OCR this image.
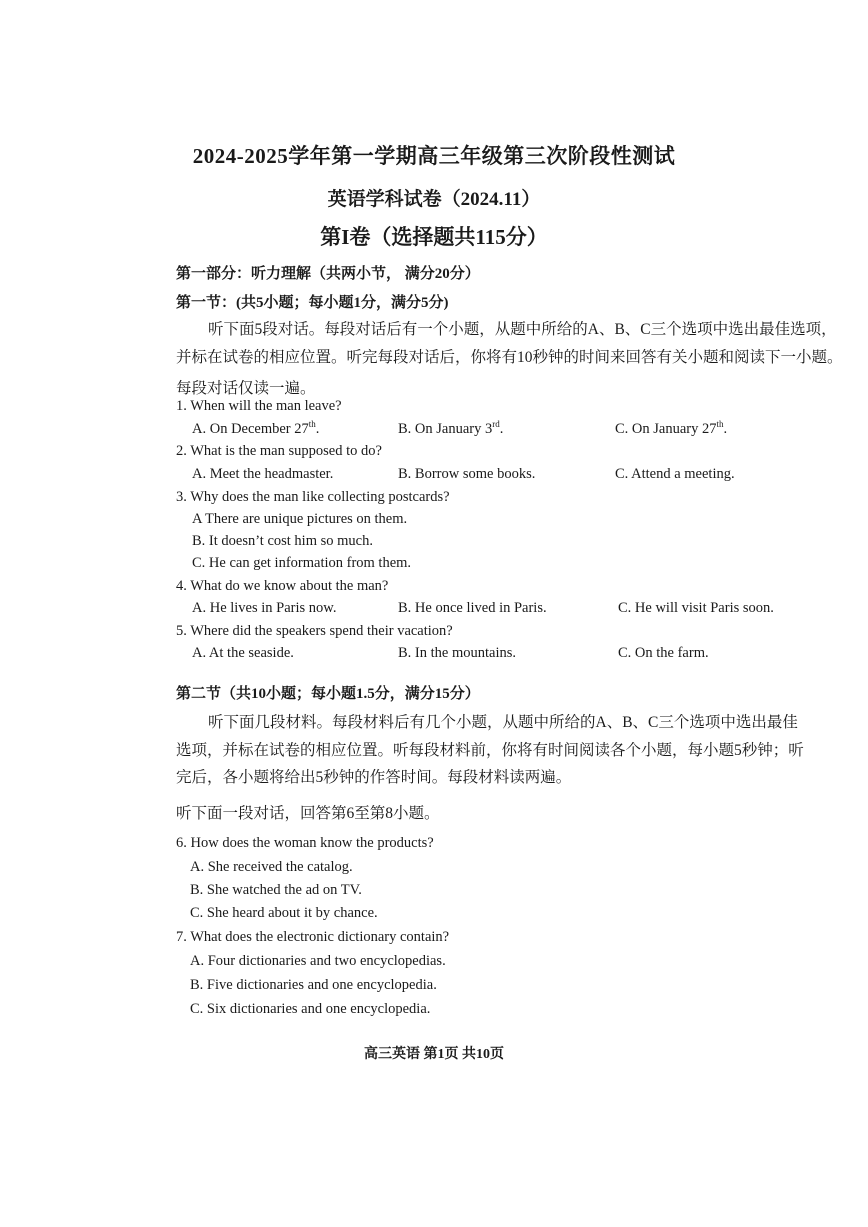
2024-2025学年第一学期高三年级第三次阶段性测试
英语学科试卷（2024.11）
第I卷（选择题共115分）
第一部分：听力理解（共两小节， 满分20分）
第一节：(共5小题；每小题1分，满分5分)
听下面5段对话。每段对话后有一个小题，从题中所给的A、B、C三个选项中选出最佳选项，
并标在试卷的相应位置。听完每段对话后，你将有10秒钟的时间来回答有关小题和阅读下一小题。
每段对话仅读一遍。
1. When will the man leave?
A. On December 27th.	B. On January 3rd.	C. On January 27th.
2. What is the man supposed to do?
A. Meet the headmaster.	B. Borrow some books.	C. Attend a meeting.
3. Why does the man like collecting postcards?
A There are unique pictures on them.
B. It doesn’t cost him so much.
C. He can get information from them.
4. What do we know about the man?
A. He lives in Paris now.	B. He once lived in Paris.	C. He will visit Paris soon.
5. Where did the speakers spend their vacation?
A. At the seaside.	B. In the mountains.	C. On the farm.
第二节（共10小题；每小题1.5分，满分15分）
听下面几段材料。每段材料后有几个小题，从题中所给的A、B、C三个选项中选出最佳
选项，并标在试卷的相应位置。听每段材料前，你将有时间阅读各个小题，每小题5秒钟；听
完后，各小题将给出5秒钟的作答时间。每段材料读两遍。
听下面一段对话，回答第6至第8小题。
6. How does the woman know the products?
A. She received the catalog.
B. She watched the ad on TV.
C. She heard about it by chance.
7. What does the electronic dictionary contain?
A. Four dictionaries and two encyclopedias.
B. Five dictionaries and one encyclopedia.
C. Six dictionaries and one encyclopedia.
高三英语 第1页 共10页
